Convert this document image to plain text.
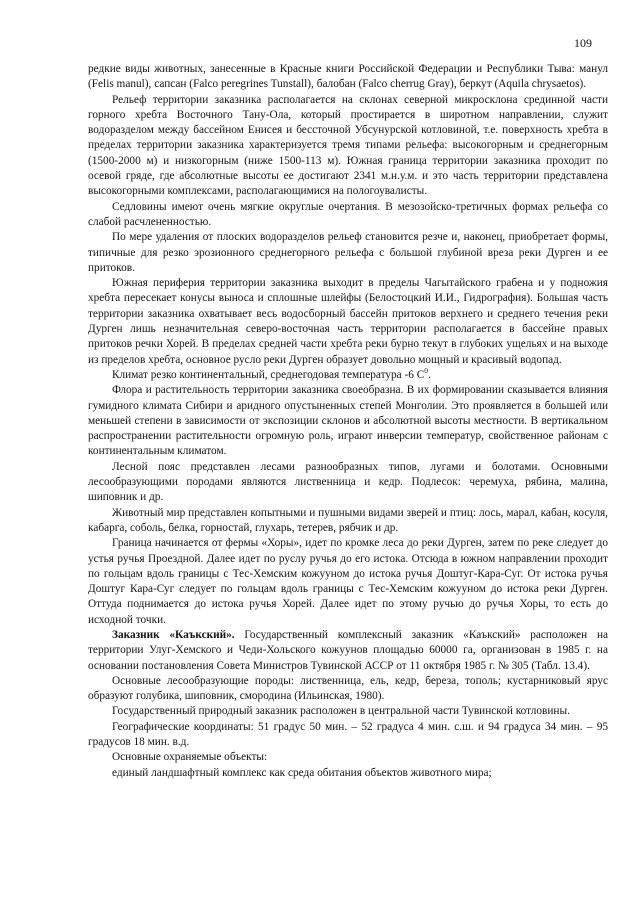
109

редкие виды животных, занесенные в Красные книги Российской Федерации и Республики Тыва: манул (Felis manul), сапсан (Falco peregrines Tunstall), балобан (Falco cherrug Gray), беркут (Aquila chrysaetos).

Рельеф территории заказника располагается на склонах северной микросклона срединной части горного хребта Восточного Тану-Ола, который простирается в широтном направлении, служит водоразделом между бассейном Енисея и бессточной Убсунурской котловиной, т.е. поверхность хребта в пределах территории заказника характеризуется тремя типами рельефа: высокогорным и среднегорным (1500-2000 м) и низкогорным (ниже 1500-113 м). Южная граница территории заказника проходит по осевой гряде, где абсолютные высоты ее достигают 2341 м.н.у.м. и это часть территории представлена высокогорными комплексами, располагающимися на пологоувалисты.

Седловины имеют очень мягкие округлые очертания. В мезозойско-третичных формах рельефа со слабой расчлененностью.

По мере удаления от плоских водоразделов рельеф становится резче и, наконец, приобретает формы, типичные для резко эрозионного среднегорного рельефа с большой глубиной вреза реки Дурген и ее притоков.

Южная периферия территории заказника выходит в пределы Чагытайского грабена и у подножия хребта пересекает конусы выноса и сплошные шлейфы (Белостоцкий И.И., Гидрография). Большая часть территории заказника охватывает весь водосборный бассейн притоков верхнего и среднего течения реки Дурген лишь незначительная северо-восточная часть территории располагается в бассейне правых притоков речки Хорей. В пределах средней части хребта реки бурно текут в глубоких ущельях и на выходе из пределов хребта, основное русло реки Дурген образует довольно мощный и красивый водопад.

Климат резко континентальный, среднегодовая температура -6 $С^0$.

Флора и растительность территории заказника своеобразна. В их формировании сказывается влияния гумидного климата Сибири и аридного опустыненных степей Монголии. Это проявляется в большей или меньшей степени в зависимости от экспозиции склонов и абсолютной высоты местности. В вертикальном распространении растительности огромную роль, играют инверсии температур, свойственное районам с континентальным климатом.

Лесной пояс представлен лесами разнообразных типов, лугами и болотами. Основными лесообразующими породами являются лиственница и кедр. Подлесок: черемуха, рябина, малина, шиповник и др.

Животный мир представлен копытными и пушными видами зверей и птиц: лось, марал, кабан, косуля, кабарга, соболь, белка, горностай, глухарь, тетерев, рябчик и др.

Граница начинается от фермы «Хоры», идет по кромке леса до реки Дурген, затем по реке следует до устья ручья Проездной. Далее идет по руслу ручья до его истока. Отсюда в южном направлении проходит по гольцам вдоль границы с Тес-Хемским кожууном до истока ручья Доштуг-Кара-Суг. От истока ручья Доштуг Кара-Суг следует по гольцам вдоль границы с Тес-Хемским кожууном до истока реки Дурген. Оттуда поднимается до истока ручья Хорей. Далее идет по этому ручью до ручья Хоры, то есть до исходной точки.

Заказник «Каъкский». Государственный комплексный заказник «Каъкский» расположен на территории Улуг-Хемского и Чеди-Хольского кожуунов площадью 60000 га, организован в 1985 г. на основании постановления Совета Министров Тувинской АССР от 11 октября 1985 г. № 305 (Табл. 13.4).

Основные лесообразующие породы: лиственница, ель, кедр, береза, тополь; кустарниковый ярус образуют голубика, шиповник, смородина (Ильинская, 1980).

Государственный природный заказник расположен в центральной части Тувинской котловины.

Географические координаты: 51 градус 50 мин. – 52 градуса 4 мин. с.ш. и 94 градуса 34 мин. – 95 градусов 18 мин. в.д.

Основные охраняемые объекты:

единый ландшафтный комплекс как среда обитания объектов животного мира;
